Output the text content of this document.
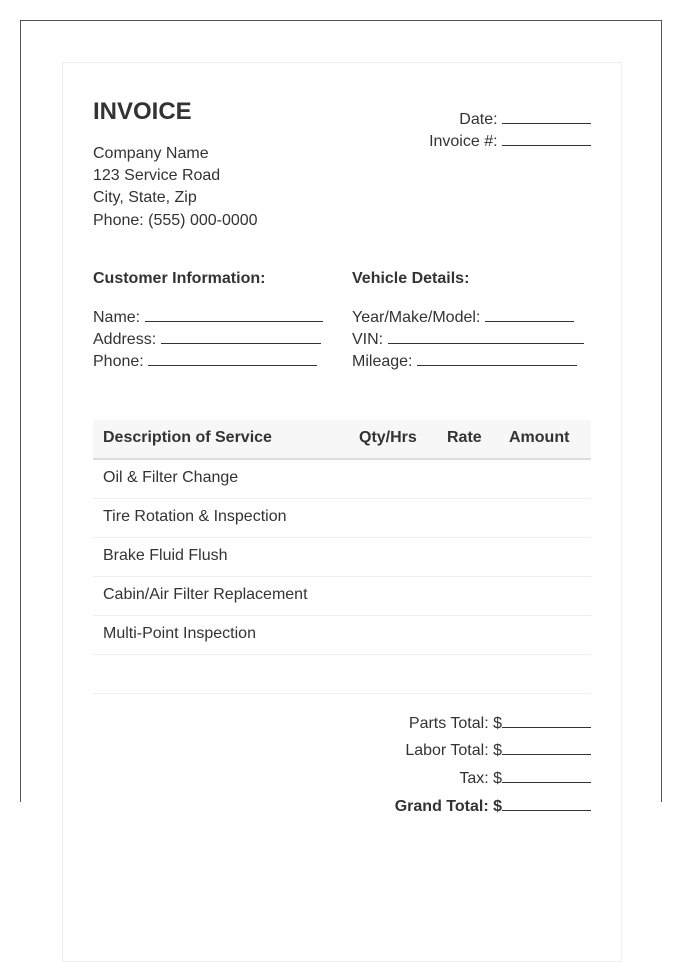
INVOICE
Company Name
123 Service Road
City, State, Zip
Phone: (555) 000-0000
Date:
Invoice #:
Customer Information:
Name:
Address:
Phone:
Vehicle Details:
Year/Make/Model:
VIN:
Mileage:
Description of Service	Qty/Hrs Rate Amount
Oil & Filter Change
Tire Rotation & Inspection
Brake Fluid Flush
Cabin/Air Filter Replacement
Multi-Point Inspection
Parts Total: $
Labor Total: $
Tax: $
Grand Total: $
